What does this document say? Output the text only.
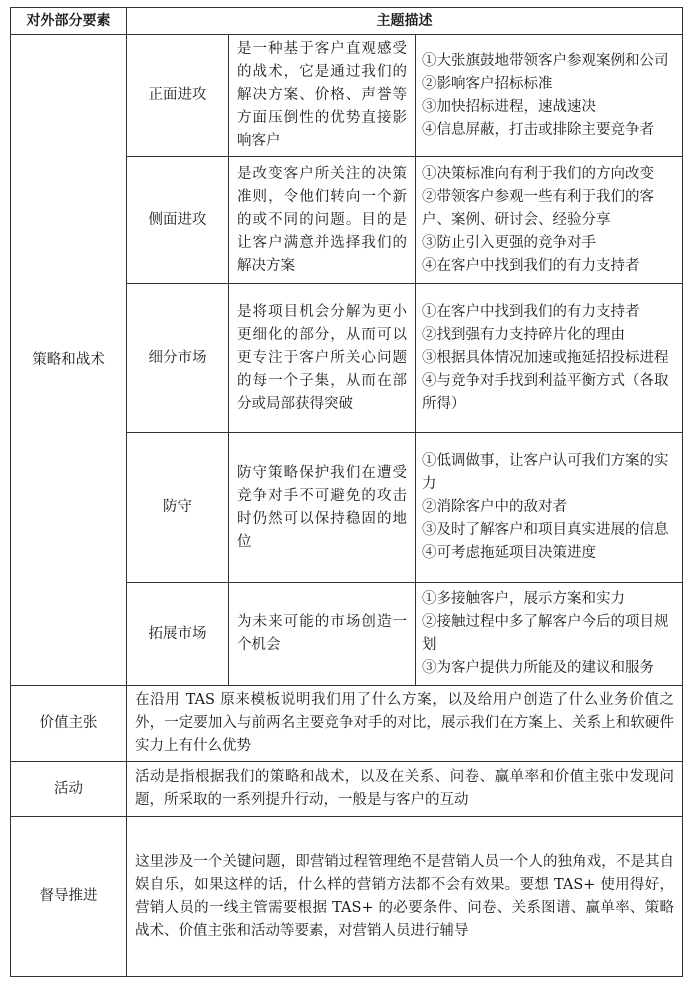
对外部分要素	主题描述		
策略和战术	正面进攻	是一种基于客户直观感受的战术，它是通过我们的解决方案、价格、声誉等方面压倒性的优势直接影响客户	①大张旗鼓地带领客户参观案例和公司
②影响客户招标标准
③加快招标进程，速战速决
④信息屏蔽，打击或排除主要竞争者

	侧面进攻	是改变客户所关注的决策准则，令他们转向一个新的或不同的问题。目的是让客户满意并选择我们的解决方案	①决策标准向有利于我们的方向改变
②带领客户参观一些有利于我们的客户、案例、研讨会、经验分享
③防止引入更强的竞争对手
④在客户中找到我们的有力支持者

	细分市场	是将项目机会分解为更小更细化的部分，从而可以更专注于客户所关心问题的每一个子集，从而在部分或局部获得突破	①在客户中找到我们的有力支持者
②找到强有力支持碎片化的理由
③根据具体情况加速或拖延招投标进程
④与竞争对手找到利益平衡方式（各取所得）

	防守	防守策略保护我们在遭受竞争对手不可避免的攻击时仍然可以保持稳固的地位	①低调做事，让客户认可我们方案的实力
②消除客户中的敌对者
③及时了解客户和项目真实进展的信息
④可考虑拖延项目决策进度

	拓展市场	为未来可能的市场创造一个机会	①多接触客户，展示方案和实力
②接触过程中多了解客户今后的项目规划
③为客户提供力所能及的建议和服务

价值主张	在沿用 TAS 原来模板说明我们用了什么方案，以及给用户创造了什么业务价值之外，一定要加入与前两名主要竞争对手的对比，展示我们在方案上、关系上和软硬件实力上有什么优势		
活动	活动是指根据我们的策略和战术，以及在关系、问卷、赢单率和价值主张中发现问题，所采取的一系列提升行动，一般是与客户的互动		
督导推进	这里涉及一个关键问题，即营销过程管理绝不是营销人员一个人的独角戏，不是其自娱自乐，如果这样的话，什么样的营销方法都不会有效果。要想 TAS+ 使用得好，营销人员的一线主管需要根据 TAS+ 的必要条件、问卷、关系图谱、赢单率、策略战术、价值主张和活动等要素，对营销人员进行辅导		
